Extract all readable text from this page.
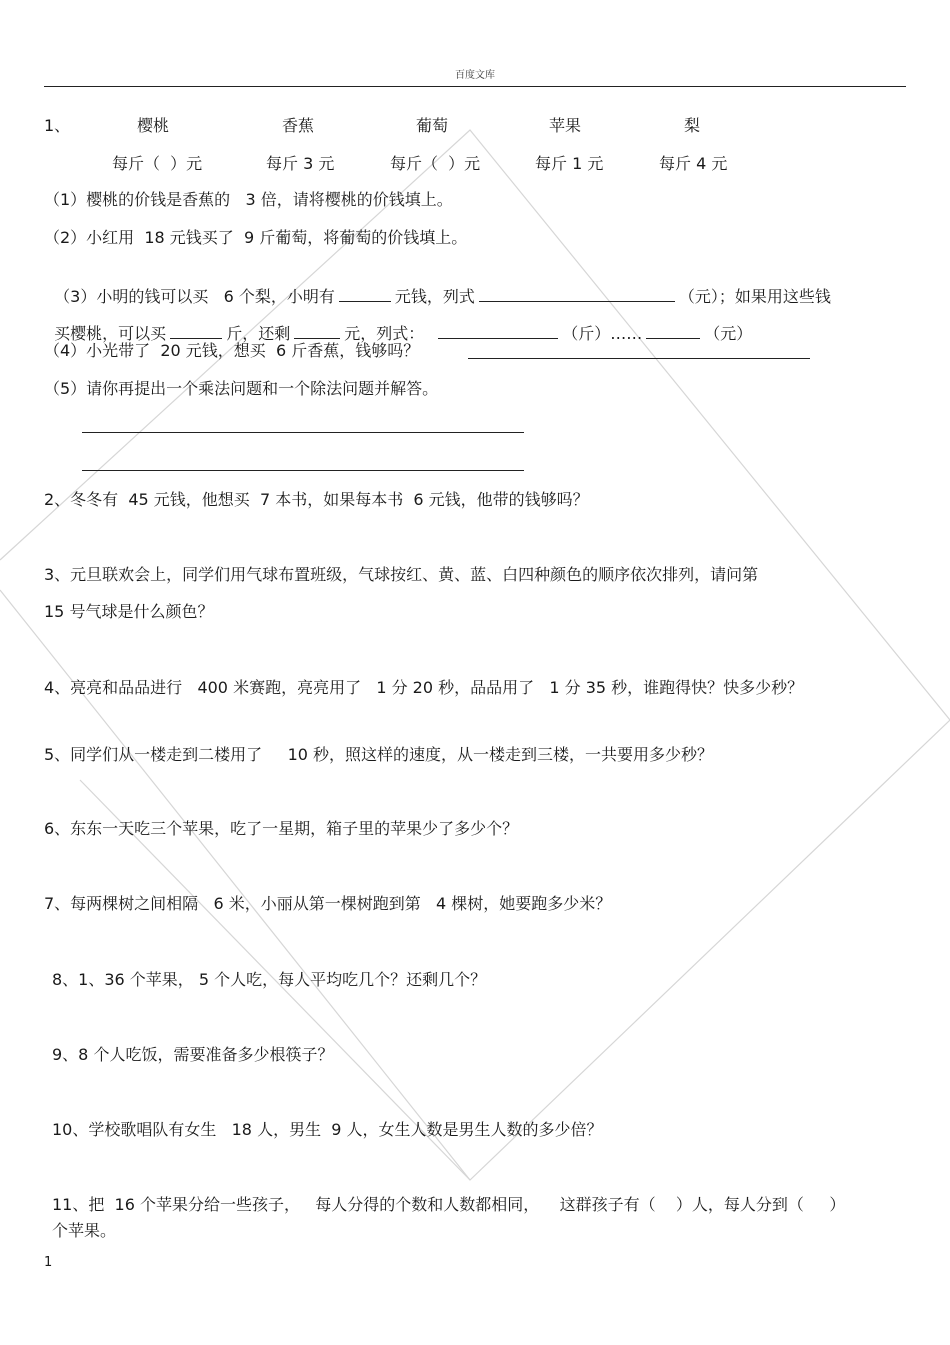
百度文库
1、	樱桃	香蕉	葡萄	苹果	梨
每斤（  ）元	每斤 3 元	每斤（  ）元	每斤 1 元	每斤 4 元
（1）樱桃的价钱是香蕉的   3 倍，请将樱桃的价钱填上。
（2）小红用  18 元钱买了  9 斤葡萄，将葡萄的价钱填上。

（3）小明的钱可以买   6 个梨，小明有	元钱，列式	（元）；如果用这些钱

买樱桃，可以买	斤，还剩	元，列式：	（斤）……	（元）

（4）小光带了  20 元钱，想买  6 斤香蕉，钱够吗？
（5）请你再提出一个乘法问题和一个除法问题并解答。
2、冬冬有  45 元钱，他想买  7 本书，如果每本书  6 元钱，他带的钱够吗？
3、元旦联欢会上，同学们用气球布置班级，气球按红、黄、蓝、白四种颜色的顺序依次排列，请问第
15 号气球是什么颜色？
4、亮亮和品品进行   400 米赛跑，亮亮用了   1 分 20 秒，品品用了   1 分 35 秒，谁跑得快？快多少秒？
5、同学们从一楼走到二楼用了     10 秒，照这样的速度，从一楼走到三楼，一共要用多少秒？
6、东东一天吃三个苹果，吃了一星期，箱子里的苹果少了多少个？
7、每两棵树之间相隔   6 米，小丽从第一棵树跑到第   4 棵树，她要跑多少米？
8、1、36 个苹果， 5 个人吃，每人平均吃几个？还剩几个？
9、8 个人吃饭，需要准备多少根筷子？
10、学校歌唱队有女生   18 人，男生  9 人，女生人数是男生人数的多少倍？
11、把  16 个苹果分给一些孩子，   每人分得的个数和人数都相同，    这群孩子有（    ）人，每人分到（     ）
个苹果。
1
